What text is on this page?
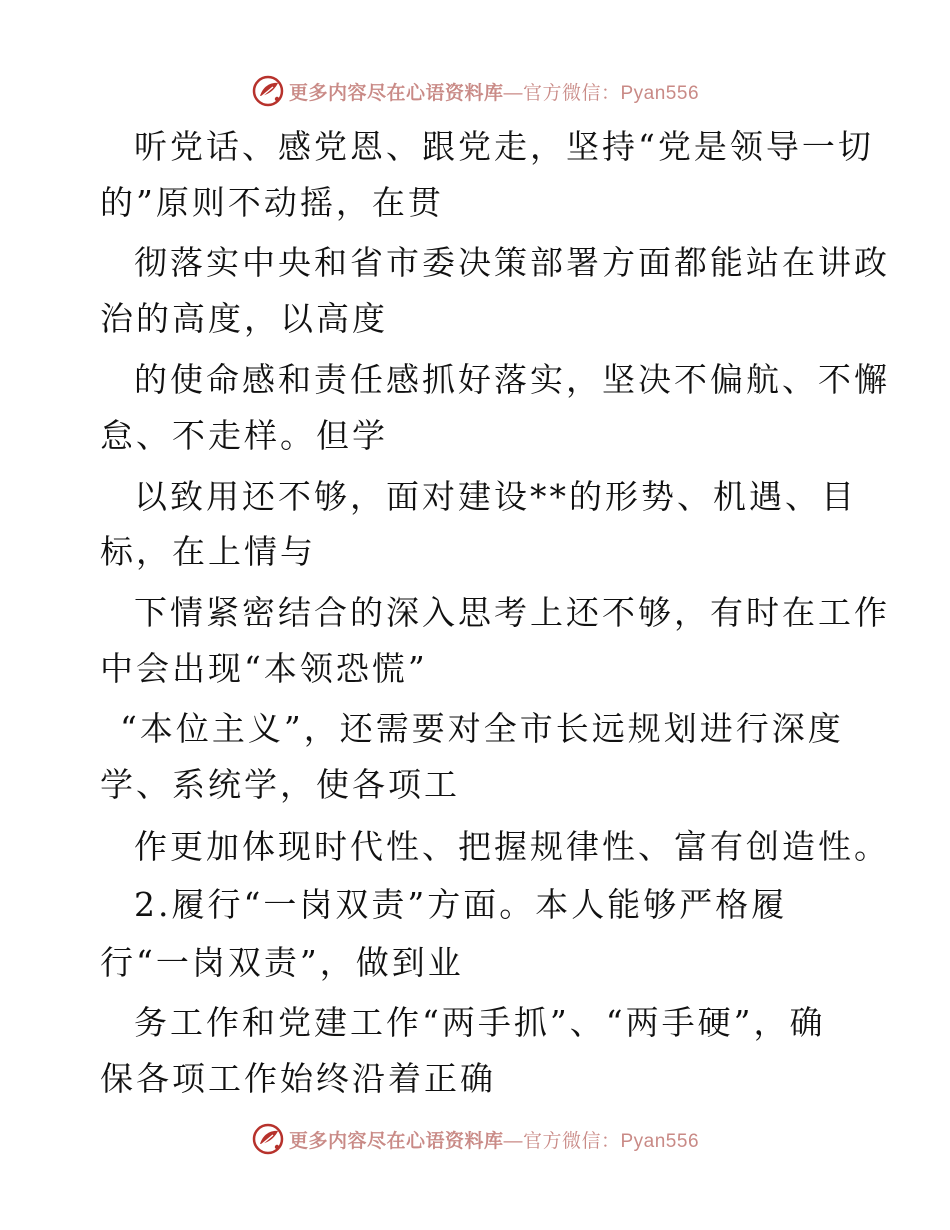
更多内容尽在心语资料库—官方微信：Pyan556
听党话、感党恩、跟党走，坚持“党是领导一切
的”原则不动摇，在贯
彻落实中央和省市委决策部署方面都能站在讲政
治的高度，以高度
的使命感和责任感抓好落实，坚决不偏航、不懈
怠、不走样。但学
以致用还不够，面对建设**的形势、机遇、目
标，在上情与
下情紧密结合的深入思考上还不够，有时在工作
中会出现“本领恐慌”
“本位主义”，还需要对全市长远规划进行深度
学、系统学，使各项工
作更加体现时代性、把握规律性、富有创造性。
2.履行“一岗双责”方面。本人能够严格履
行“一岗双责”，做到业
务工作和党建工作“两手抓”、“两手硬”，确
保各项工作始终沿着正确
更多内容尽在心语资料库—官方微信：Pyan556
